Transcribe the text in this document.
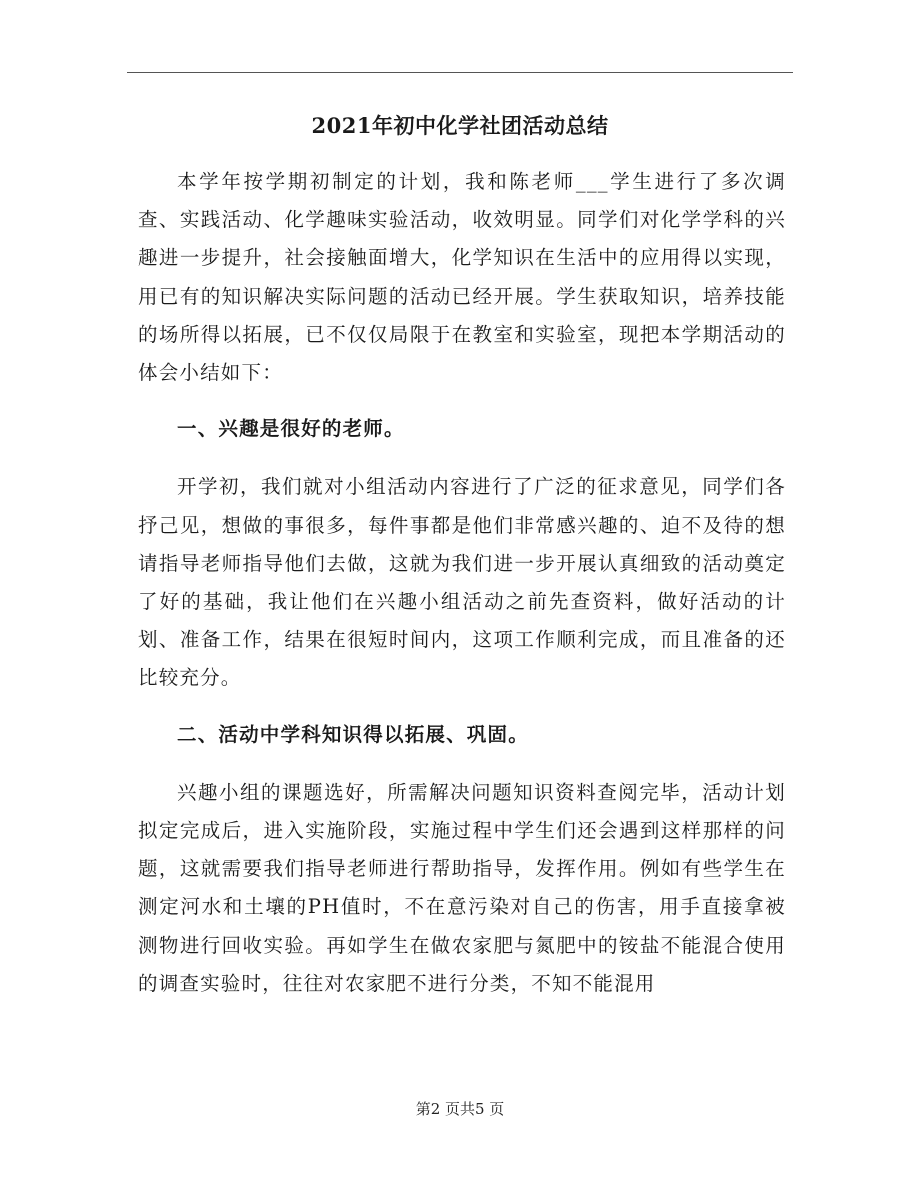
2021年初中化学社团活动总结

本学年按学期初制定的计划，我和陈老师___学生进行了多次调查、实践活动、化学趣味实验活动，收效明显。同学们对化学学科的兴趣进一步提升，社会接触面增大，化学知识在生活中的应用得以实现，用已有的知识解决实际问题的活动已经开展。学生获取知识，培养技能的场所得以拓展，已不仅仅局限于在教室和实验室，现把本学期活动的体会小结如下：

一、兴趣是很好的老师。

开学初，我们就对小组活动内容进行了广泛的征求意见，同学们各抒己见，想做的事很多，每件事都是他们非常感兴趣的、迫不及待的想请指导老师指导他们去做，这就为我们进一步开展认真细致的活动奠定了好的基础，我让他们在兴趣小组活动之前先查资料，做好活动的计划、准备工作，结果在很短时间内，这项工作顺利完成，而且准备的还比较充分。

二、活动中学科知识得以拓展、巩固。

兴趣小组的课题选好，所需解决问题知识资料查阅完毕，活动计划拟定完成后，进入实施阶段，实施过程中学生们还会遇到这样那样的问题，这就需要我们指导老师进行帮助指导，发挥作用。例如有些学生在测定河水和土壤的PH值时，不在意污染对自己的伤害，用手直接拿被测物进行回收实验。再如学生在做农家肥与氮肥中的铵盐不能混合使用的调查实验时，往往对农家肥不进行分类，不知不能混用

第2 页共5 页
